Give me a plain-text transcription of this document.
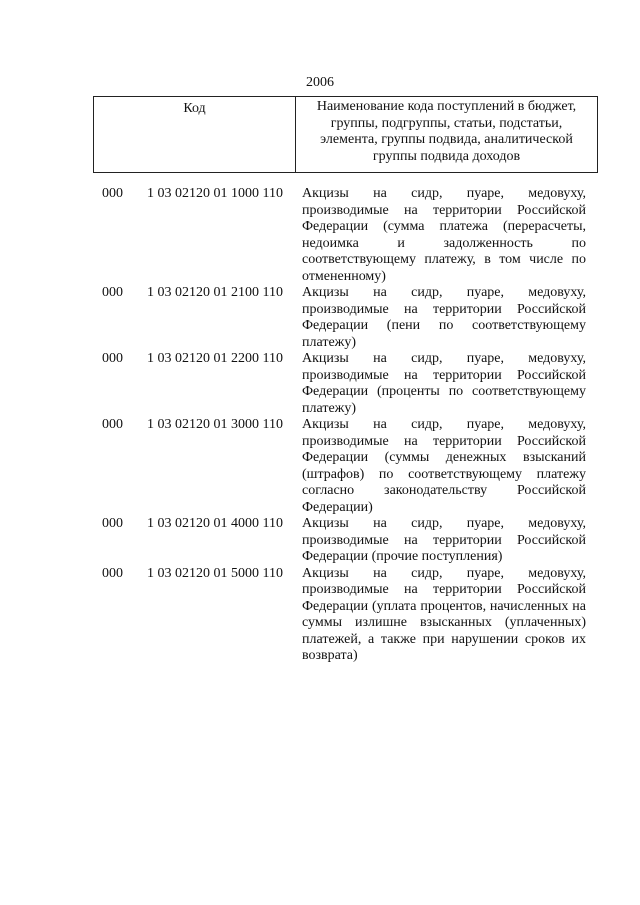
2006
Код	Наименование кода поступлений в бюджет, группы, подгруппы, статьи, подстатьи, элемента, группы подвида, аналитической группы подвида доходов
000 1 03 02120 01 1000 110 Акцизы на сидр, пуаре, медовуху, производимые на территории Российской Федерации (сумма платежа (перерасчеты, недоимка и задолженность по соответствующему платежу, в том числе по отмененному)
000 1 03 02120 01 2100 110 Акцизы на сидр, пуаре, медовуху, производимые на территории Российской Федерации (пени по соответствующему платежу)
000 1 03 02120 01 2200 110 Акцизы на сидр, пуаре, медовуху, производимые на территории Российской Федерации (проценты по соответствующему платежу)
000 1 03 02120 01 3000 110 Акцизы на сидр, пуаре, медовуху, производимые на территории Российской Федерации (суммы денежных взысканий (штрафов) по соответствующему платежу согласно законодательству Российской Федерации)
000 1 03 02120 01 4000 110 Акцизы на сидр, пуаре, медовуху, производимые на территории Российской Федерации (прочие поступления)
000 1 03 02120 01 5000 110 Акцизы на сидр, пуаре, медовуху, производимые на территории Российской Федерации (уплата процентов, начисленных на суммы излишне взысканных (уплаченных) платежей, а также при нарушении сроков их возврата)
